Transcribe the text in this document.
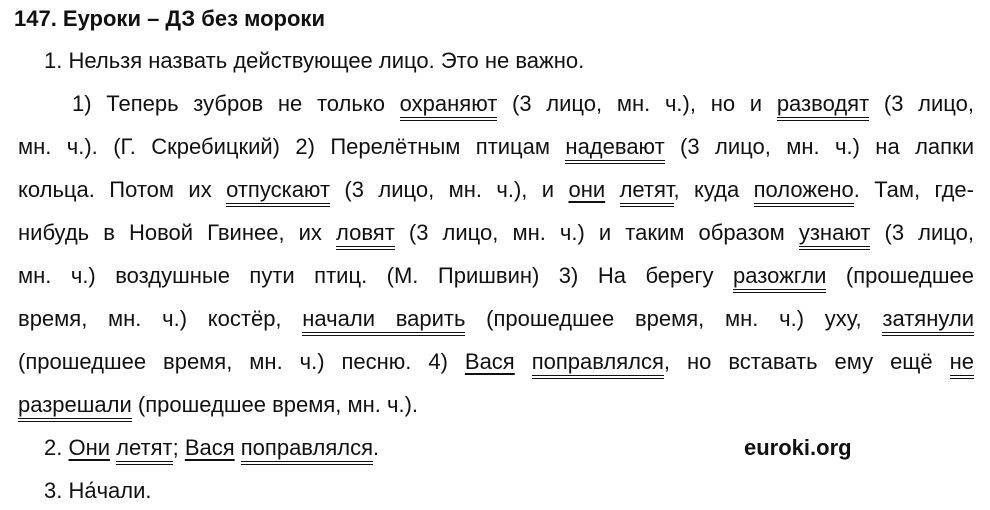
147. Еуроки – ДЗ без мороки
1. Нельзя назвать действующее лицо. Это не важно.
1) Теперь зубров не только охраняют (3 лицо, мн. ч.), но и разводят (3 лицо,
мн. ч.). (Г. Скребицкий) 2) Перелётным птицам надевают (3 лицо, мн. ч.) на лапки
кольца. Потом их отпускают (3 лицо, мн. ч.), и они летят, куда положено. Там, где-
нибудь в Новой Гвинее, их ловят (3 лицо, мн. ч.) и таким образом узнают (3 лицо,
мн. ч.) воздушные пути птиц. (М. Пришвин) 3) На берегу разожгли (прошедшее
время, мн. ч.) костёр, начали варить (прошедшее время, мн. ч.) уху, затянули
(прошедшее время, мн. ч.) песню. 4) Вася поправлялся, но вставать ему ещё не
разрешали (прошедшее время, мн. ч.).
2. Они летят; Вася поправлялся.	euroki.org
3. На́чали.
